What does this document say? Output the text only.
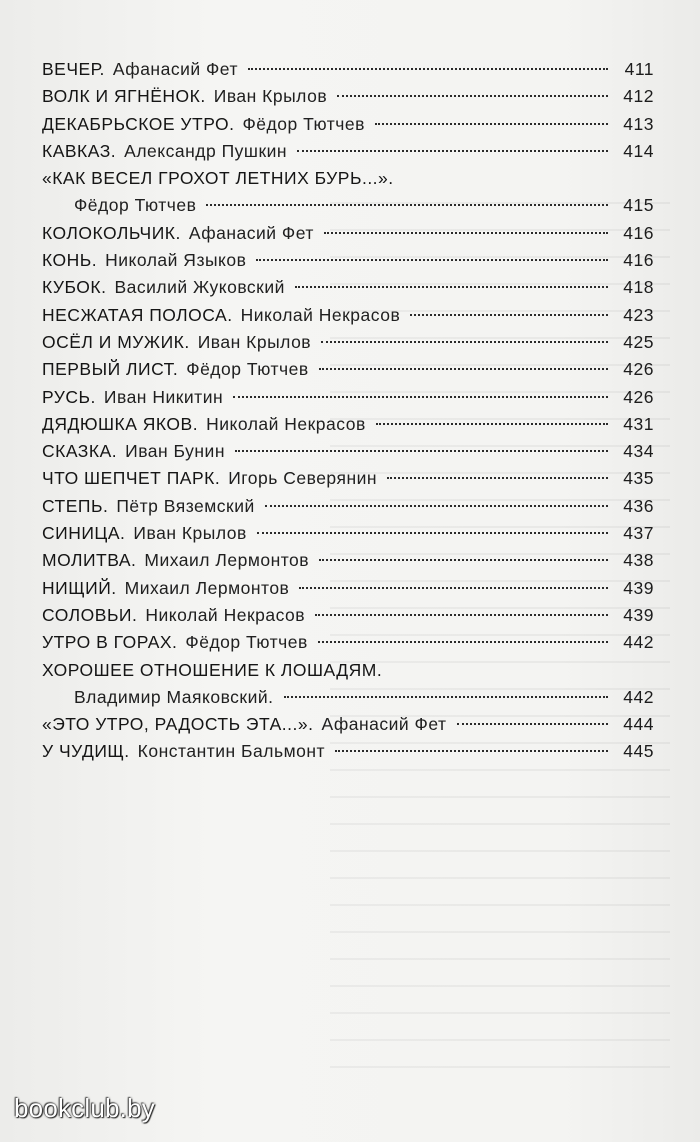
ВЕЧЕР. Афанасий Фет	411
ВОЛК И ЯГНЁНОК. Иван Крылов	412
ДЕКАБРЬСКОЕ УТРО. Фёдор Тютчев	413
КАВКАЗ. Александр Пушкин	414
«КАК ВЕСЕЛ ГРОХОТ ЛЕТНИХ БУРЬ...».
Фёдор Тютчев	415
КОЛОКОЛЬЧИК. Афанасий Фет	416
КОНЬ. Николай Языков	416
КУБОК. Василий Жуковский	418
НЕСЖАТАЯ ПОЛОСА. Николай Некрасов	423
ОСЁЛ И МУЖИК. Иван Крылов	425
ПЕРВЫЙ ЛИСТ. Фёдор Тютчев	426
РУСЬ. Иван Никитин	426
ДЯДЮШКА ЯКОВ. Николай Некрасов	431
СКАЗКА. Иван Бунин	434
ЧТО ШЕПЧЕТ ПАРК. Игорь Северянин	435
СТЕПЬ. Пётр Вяземский	436
СИНИЦА. Иван Крылов	437
МОЛИТВА. Михаил Лермонтов	438
НИЩИЙ. Михаил Лермонтов	439
СОЛОВЬИ. Николай Некрасов	439
УТРО В ГОРАХ. Фёдор Тютчев	442
ХОРОШЕЕ ОТНОШЕНИЕ К ЛОШАДЯМ.
Владимир Маяковский.	442
«ЭТО УТРО, РАДОСТЬ ЭТА...». Афанасий Фет	444
У ЧУДИЩ. Константин Бальмонт	445
bookclub.by
